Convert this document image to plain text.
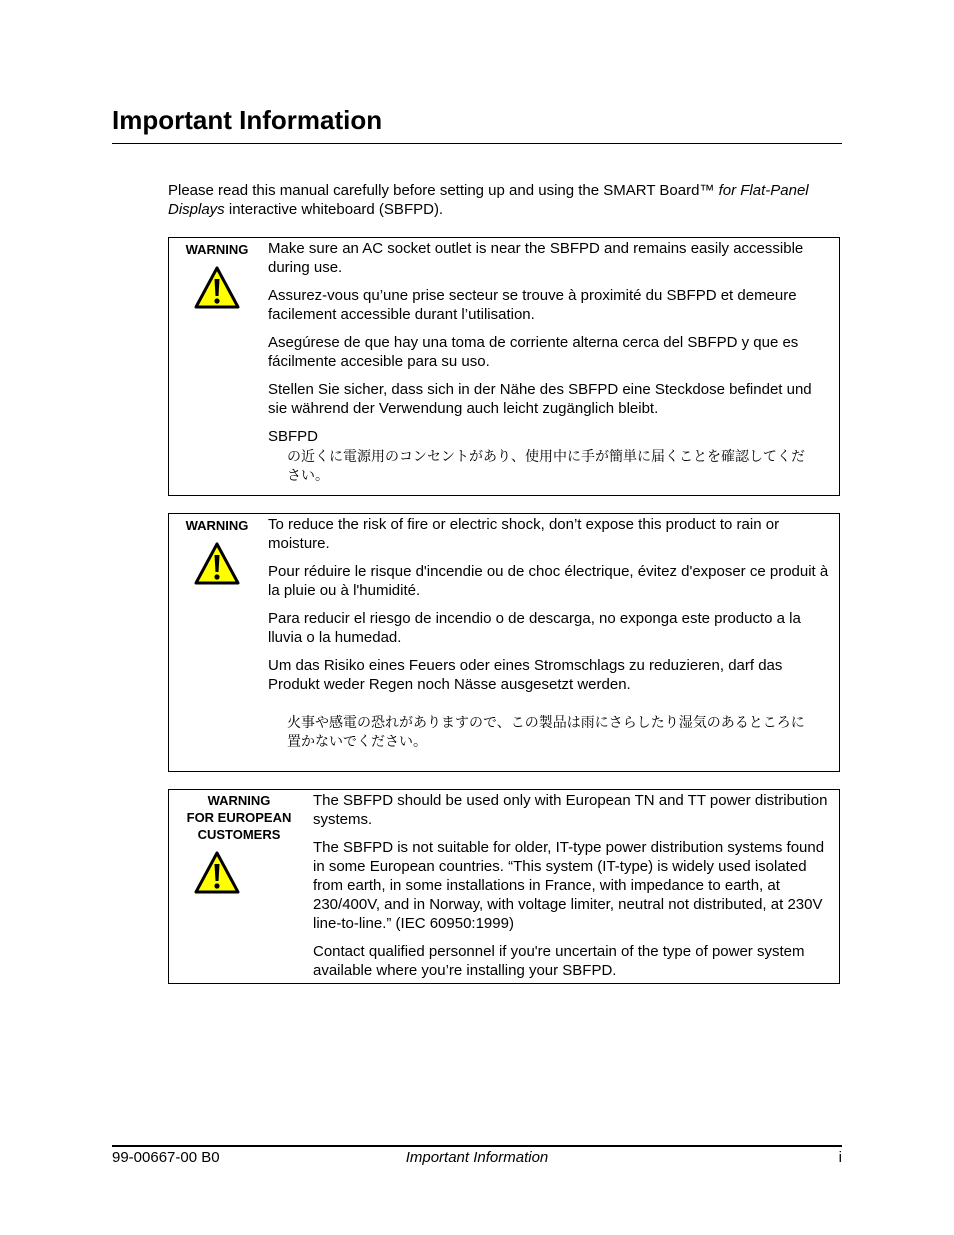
Important Information
Please read this manual carefully before setting up and using the SMART Board™ for Flat-Panel Displays interactive whiteboard (SBFPD).
WARNING	Make sure an AC socket outlet is near the SBFPD and remains easily accessible during use.

Assurez-vous qu’une prise secteur se trouve à proximité du SBFPD et demeure facilement accessible durant l’utilisation.

Asegúrese de que hay una toma de corriente alterna cerca del SBFPD y que es fácilmente accesible para su uso.

Stellen Sie sicher, dass sich in der Nähe des SBFPD eine Steckdose befindet und sie während der Verwendung auch leicht zugänglich bleibt.

SBFPD

の近くに電源用のコンセントがあり、使用中に手が簡単に届くことを確認してください。

WARNING	To reduce the risk of fire or electric shock, don’t expose this product to rain or moisture.

Pour réduire le risque d'incendie ou de choc électrique, évitez d'exposer ce produit à la pluie ou à l'humidité.

Para reducir el riesgo de incendio o de descarga, no exponga este producto a la lluvia o la humedad.

Um das Risiko eines Feuers oder eines Stromschlags zu reduzieren, darf das Produkt weder Regen noch Nässe ausgesetzt werden.

火事や感電の恐れがありますので、この製品は雨にさらしたり湿気のあるところに置かないでください。

WARNING
FOR EUROPEAN
CUSTOMERS

The SBFPD should be used only with European TN and TT power distribution systems.

The SBFPD is not suitable for older, IT-type power distribution systems found in some European countries. “This system (IT-type) is widely used isolated from earth, in some installations in France, with impedance to earth, at 230/400V, and in Norway, with voltage limiter, neutral not distributed, at 230V line-to-line.” (IEC 60950:1999)

Contact qualified personnel if you're uncertain of the type of power system available where you’re installing your SBFPD.

99-00667-00 B0	Important Information	i
